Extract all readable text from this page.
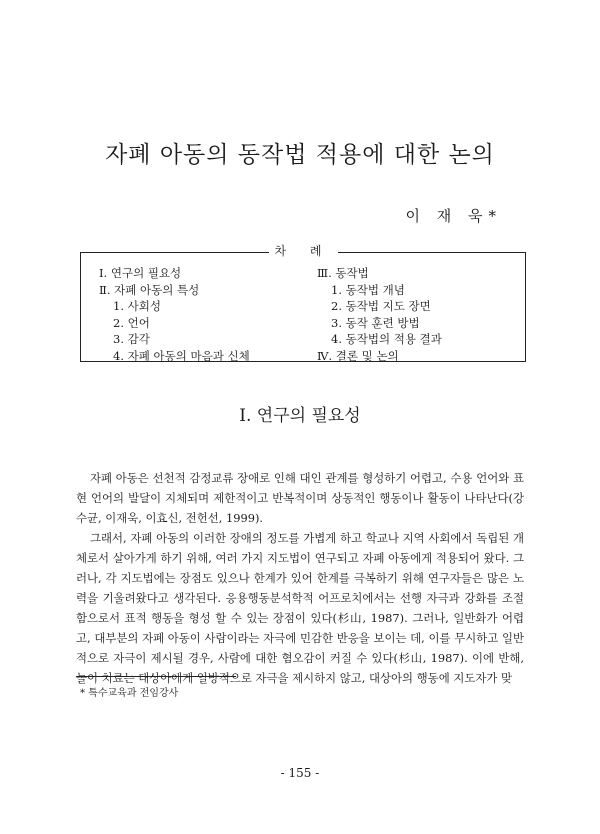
자폐 아동의 동작법 적용에 대한 논의
이 재 욱*
차 례
Ⅰ. 연구의 필요성
Ⅱ. 자폐 아동의 특성
1. 사회성
2. 언어
3. 감각
4. 자폐 아동의 마음과 신체
Ⅲ. 동작법
1. 동작법 개념
2. 동작법 지도 장면
3. 동작 훈련 방법
4. 동작법의 적용 결과
Ⅳ. 결론 및 논의
Ⅰ. 연구의 필요성

자폐 아동은 선천적 감정교류 장애로 인해 대인 관계를 형성하기 어렵고, 수용 언어와 표현 언어의 발달이 지체되며 제한적이고 반복적이며 상동적인 행동이나 활동이 나타난다(강수균, 이재욱, 이효신, 전헌선, 1999).

그래서, 자폐 아동의 이러한 장애의 정도를 가볍게 하고 학교나 지역 사회에서 독립된 개체로서 살아가게 하기 위해, 여러 가지 지도법이 연구되고 자폐 아동에게 적용되어 왔다. 그러나, 각 지도법에는 장점도 있으나 한계가 있어 한계를 극복하기 위해 연구자들은 많은 노력을 기울려왔다고 생각된다. 응용행동분석학적 어프로치에서는 선행 자극과 강화를 조절함으로서 표적 행동을 형성 할 수 있는 장점이 있다(杉山, 1987). 그러나, 일반화가 어렵고, 대부분의 자폐 아동이 사람이라는 자극에 민감한 반응을 보이는 데, 이를 무시하고 일반적으로 자극이 제시될 경우, 사람에 대한 혐오감이 커질 수 있다(杉山, 1987). 이에 반해, 놀이 치료는 대상아에게 일방적으로 자극을 제시하지 않고, 대상아의 행동에 지도자가 맞

* 특수교육과 전임강사
- 155 -
